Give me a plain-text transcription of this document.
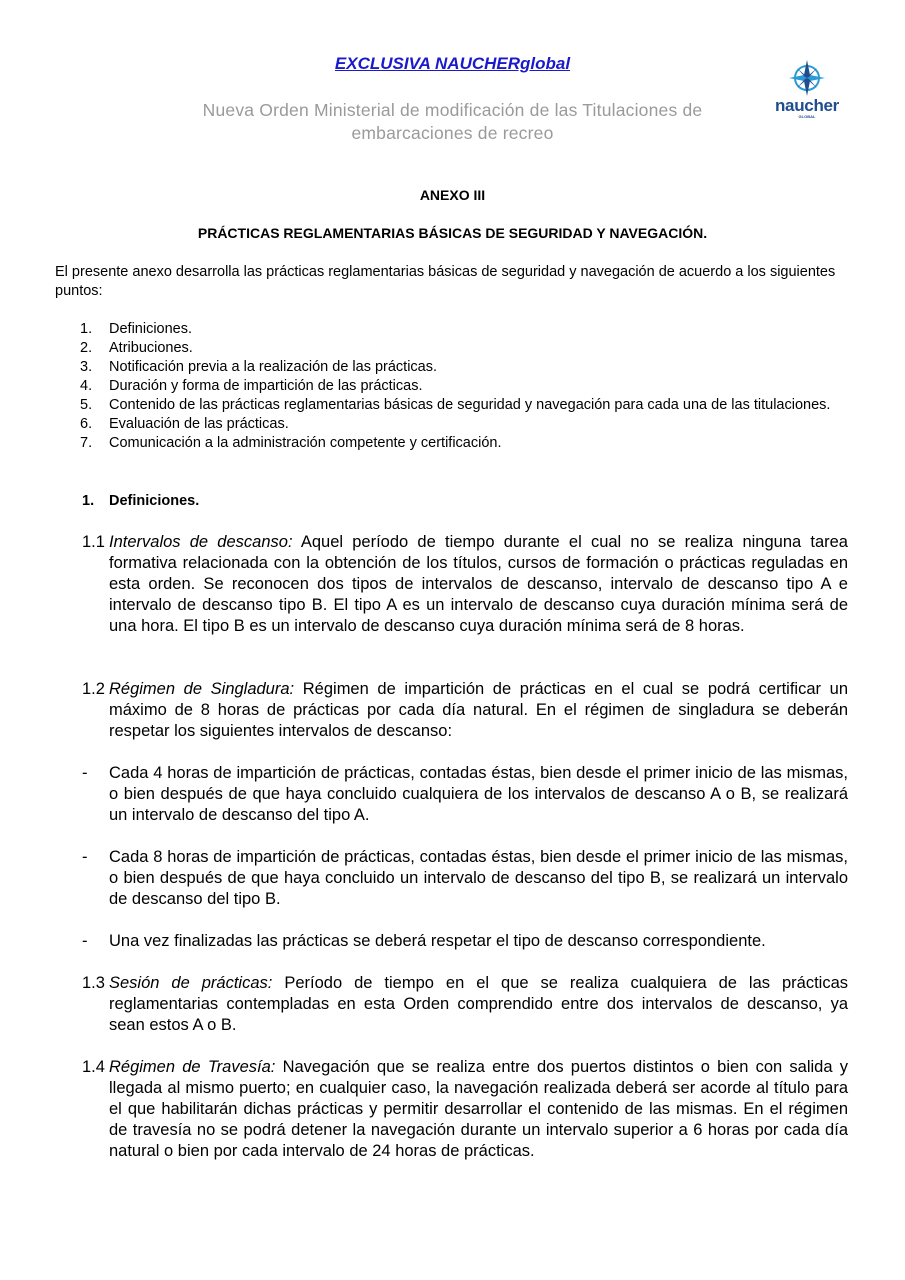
EXCLUSIVA NAUCHERglobal
Nueva Orden Ministerial de modificación de las Titulaciones de embarcaciones de recreo
naucher
GLOBAL
ANEXO III
PRÁCTICAS REGLAMENTARIAS BÁSICAS DE SEGURIDAD Y NAVEGACIÓN.
El presente anexo desarrolla las prácticas reglamentarias básicas de seguridad y navegación de acuerdo a los siguientes puntos:
1.	Definiciones.
2.	Atribuciones.
3.	Notificación previa a la realización de las prácticas.
4.	Duración y forma de impartición de las prácticas.
5.	Contenido de las prácticas reglamentarias básicas de seguridad y navegación para cada una de las titulaciones.
6.	Evaluación de las prácticas.
7.	Comunicación a la administración competente y certificación.
1.	Definiciones.
1.1 Intervalos de descanso: Aquel período de tiempo durante el cual no se realiza ninguna tarea formativa relacionada con la obtención de los títulos, cursos de formación o prácticas reguladas en esta orden. Se reconocen dos tipos de intervalos de descanso, intervalo de descanso tipo A e intervalo de descanso tipo B. El tipo A es un intervalo de descanso cuya duración mínima será de una hora. El tipo B es un intervalo de descanso cuya duración mínima será de 8 horas.
1.2 Régimen de Singladura: Régimen de impartición de prácticas en el cual se podrá certificar un máximo de 8 horas de prácticas por cada día natural. En el régimen de singladura se deberán respetar los siguientes intervalos de descanso:
-	Cada 4 horas de impartición de prácticas, contadas éstas, bien desde el primer inicio de las mismas, o bien después de que haya concluido cualquiera de los intervalos de descanso A o B, se realizará un intervalo de descanso del tipo A.
-	Cada 8 horas de impartición de prácticas, contadas éstas, bien desde el primer inicio de las mismas, o bien después de que haya concluido un intervalo de descanso del tipo B, se realizará un intervalo de descanso del tipo B.
-	Una vez finalizadas las prácticas se deberá respetar el tipo de descanso correspondiente.
1.3 Sesión de prácticas: Período de tiempo en el que se realiza cualquiera de las prácticas reglamentarias contempladas en esta Orden comprendido entre dos intervalos de descanso, ya sean estos A o B.
1.4 Régimen de Travesía: Navegación que se realiza entre dos puertos distintos o bien con salida y llegada al mismo puerto; en cualquier caso, la navegación realizada deberá ser acorde al título para el que habilitarán dichas prácticas y permitir desarrollar el contenido de las mismas. En el régimen de travesía no se podrá detener la navegación durante un intervalo superior a 6 horas por cada día natural o bien por cada intervalo de 24 horas de prácticas.
